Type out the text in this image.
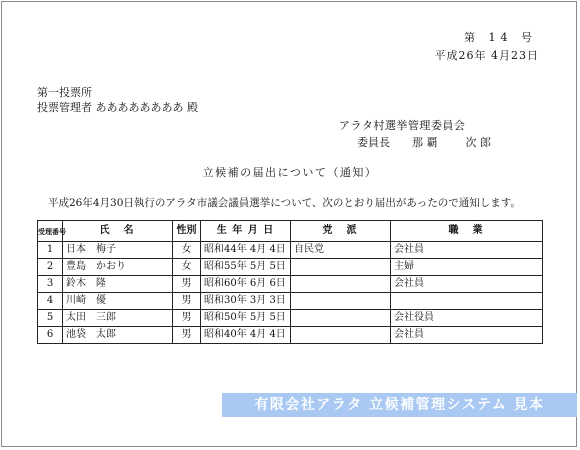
第 14 号
平成26年 4月23日
第一投票所
投票管理者 ああああああああ 殿
アラタ村選挙管理委員会
委員長 那 覇	次 郎
立候補の届出について（通知）
平成26年4月30日執行のアラタ市議会議員選挙について、次のとおり届出があったので通知します。
受理番号	氏　名	性別	生 年 月 日	党　派	職　業
1	日本　梅子	女	昭和44年 4月 4日	自民党	会社員
2	豊島　かおり	女	昭和55年 5月 5日		主婦
3	鈴木　隆	男	昭和60年 6月 6日		会社員
4	川崎　優	男	昭和30年 3月 3日		
5	太田　三郎	男	昭和50年 5月 5日		会社役員
6	池袋　太郎	男	昭和40年 4月 4日		会社員
有限会社アラタ 立候補管理システム 見本
